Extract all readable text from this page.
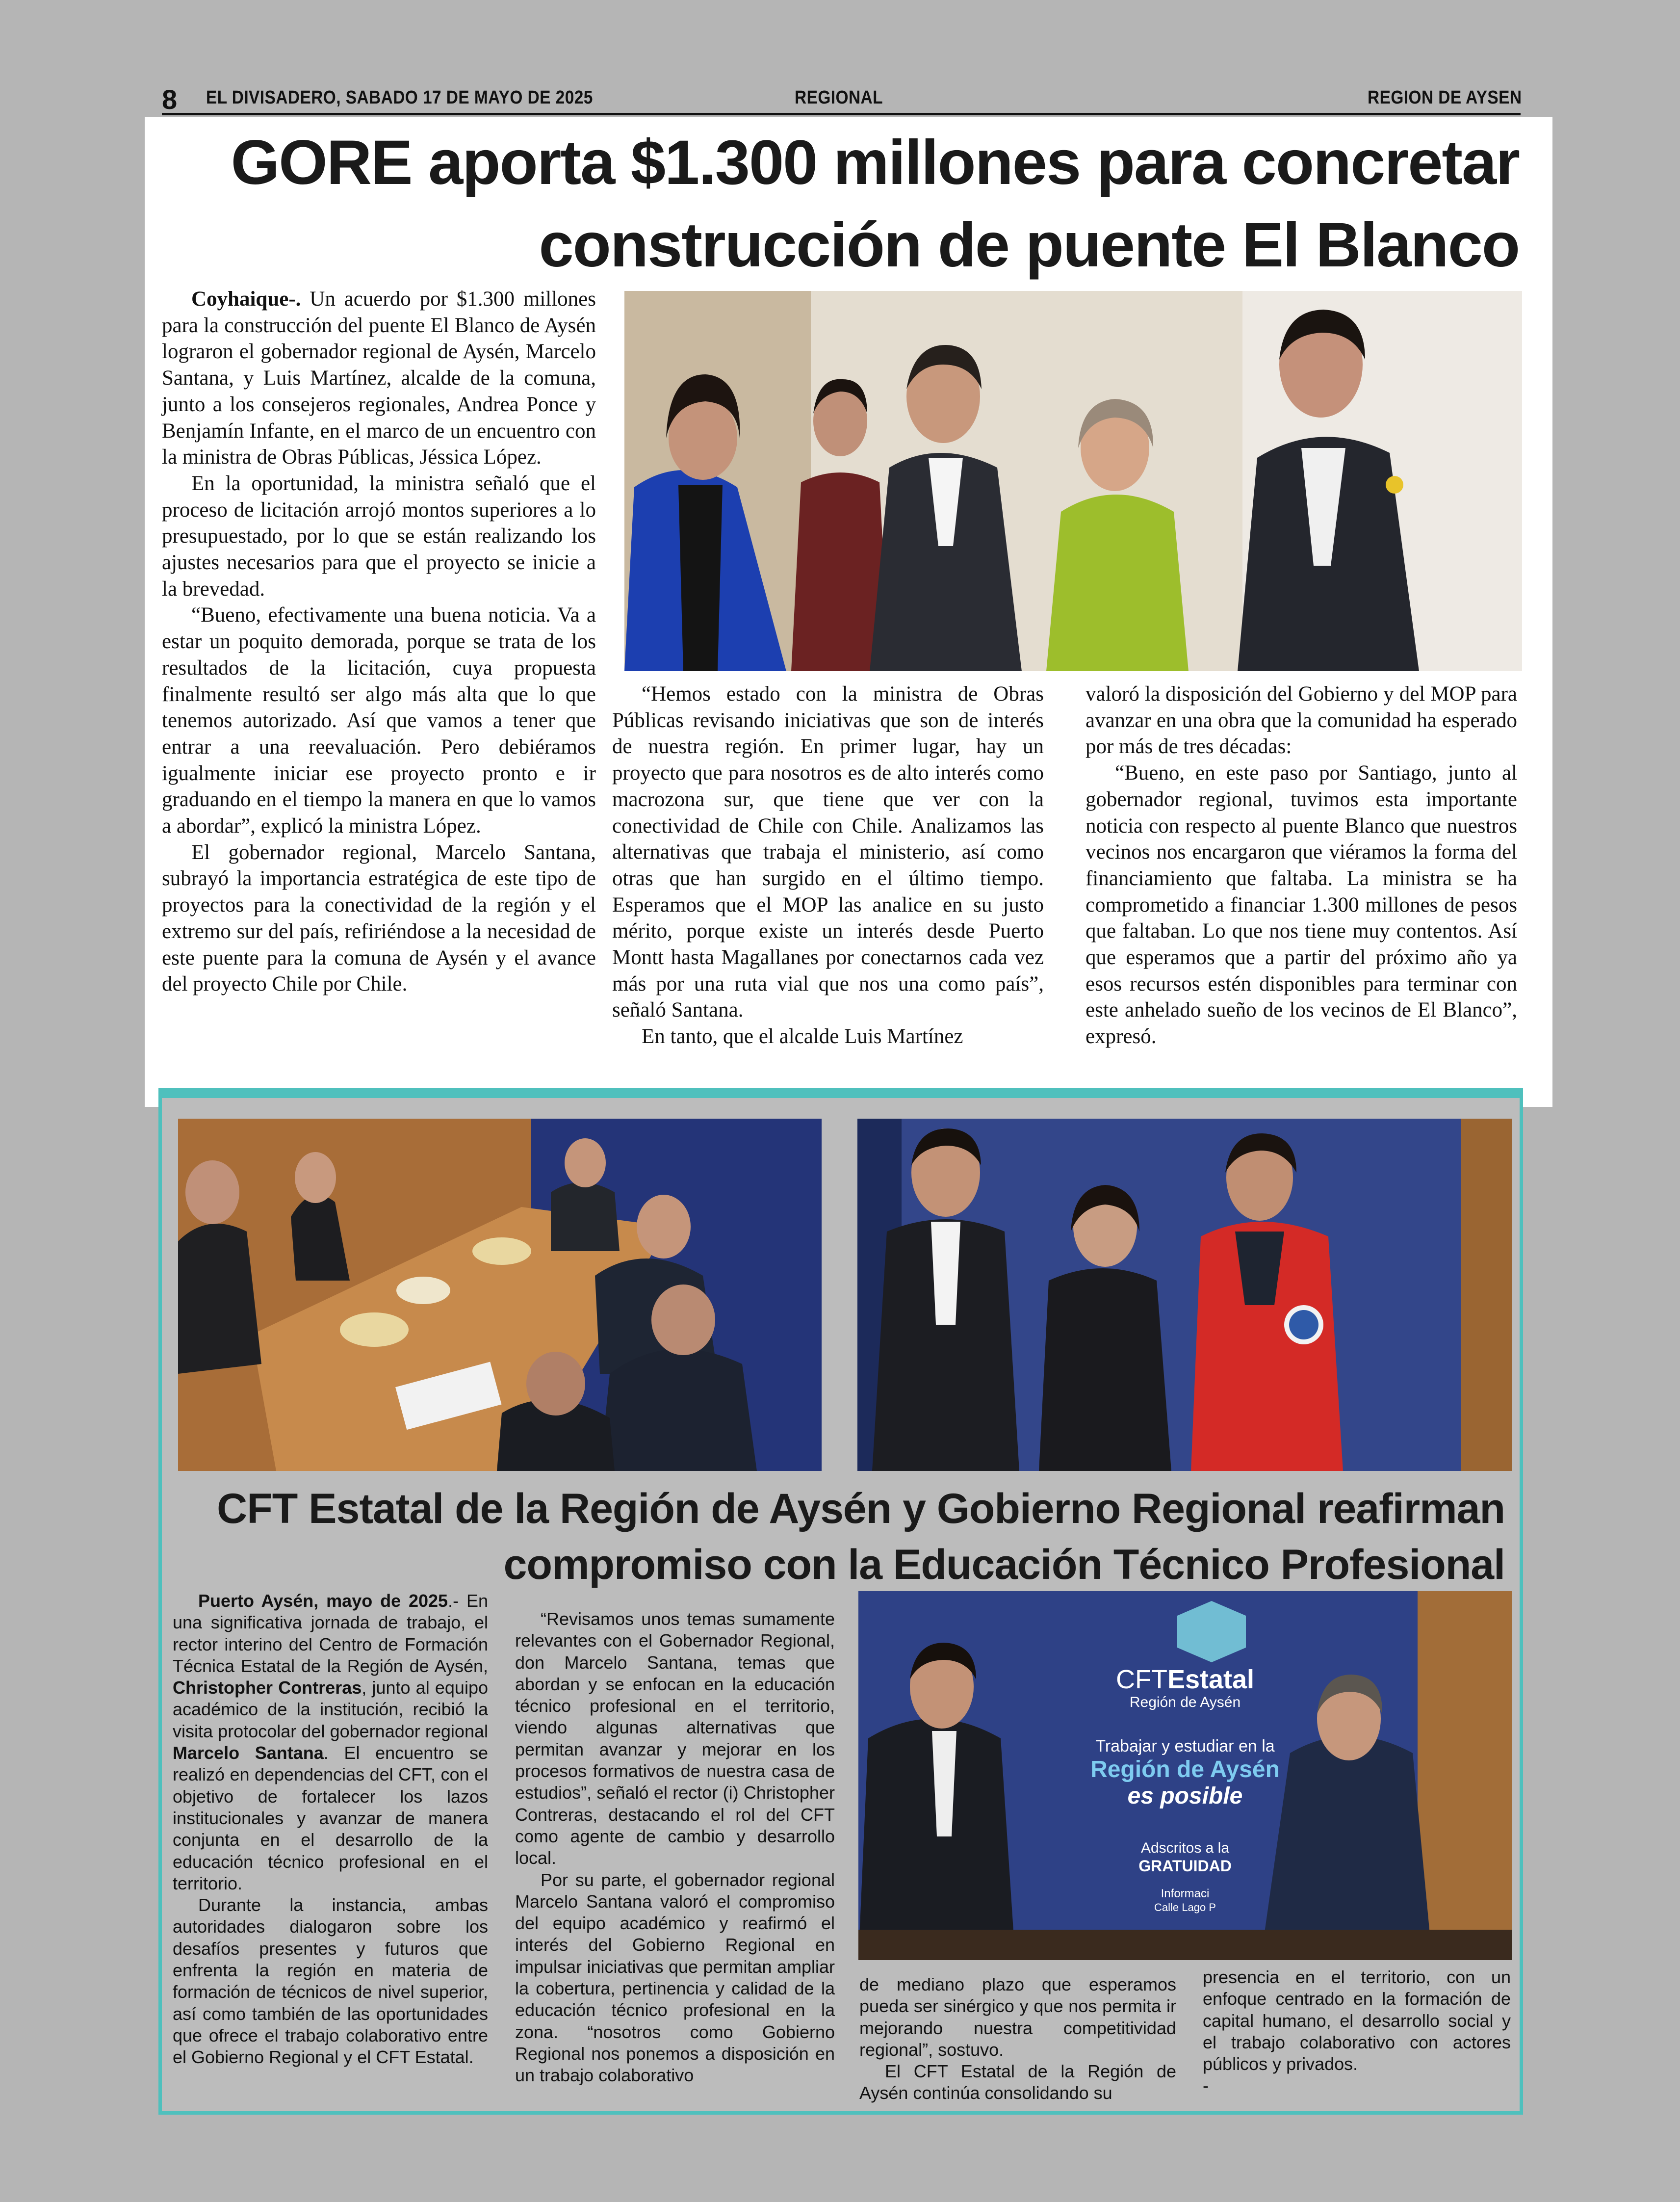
8 EL DIVISADERO, SABADO 17 DE MAYO DE 2025	REGIONAL	REGION DE AYSEN
GORE aporta $1.300 millones para concretar
construcción de puente El Blanco

Coyhaique-. Un acuerdo por $1.300 millones para la construcción del puente El Blanco de Aysén lograron el gobernador regional de Aysén, Marcelo Santana, y Luis Martínez, alcalde de la comuna, junto a los consejeros regionales, Andrea Ponce y Benjamín Infante, en el marco de un encuentro con la ministra de Obras Públicas, Jéssica López.

En la oportunidad, la ministra señaló que el proceso de licitación arrojó montos superiores a lo presupuestado, por lo que se están realizando los ajustes necesarios para que el proyecto se inicie a la brevedad.

“Bueno, efectivamente una buena noticia. Va a estar un poquito demorada, porque se trata de los resultados de la licitación, cuya propuesta finalmente resultó ser algo más alta que lo que tenemos autorizado. Así que vamos a tener que entrar a una reevaluación. Pero debiéramos igualmente iniciar ese proyecto pronto e ir graduando en el tiempo la manera en que lo vamos a abordar”, explicó la ministra López.

El gobernador regional, Marcelo Santana, subrayó la importancia estratégica de este tipo de proyectos para la conectividad de la región y el extremo sur del país, refiriéndose a la necesidad de este puente para la comuna de Aysén y el avance del proyecto Chile por Chile.

“Hemos estado con la ministra de Obras Públicas revisando iniciativas que son de interés de nuestra región. En primer lugar, hay un proyecto que para nosotros es de alto interés como macrozona sur, que tiene que ver con la conectividad de Chile con Chile. Analizamos las alternativas que trabaja el ministerio, así como otras que han surgido en el último tiempo. Esperamos que el MOP las analice en su justo mérito, porque existe un interés desde Puerto Montt hasta Magallanes por conectarnos cada vez más por una ruta vial que nos una como país”, señaló Santana.

En tanto, que el alcalde Luis Martínez

valoró la disposición del Gobierno y del MOP para avanzar en una obra que la comunidad ha esperado por más de tres décadas:

“Bueno, en este paso por Santiago, junto al gobernador regional, tuvimos esta importante noticia con respecto al puente Blanco que nuestros vecinos nos encargaron que viéramos la forma del financiamiento que faltaba. La ministra se ha comprometido a financiar 1.300 millones de pesos que faltaban. Lo que nos tiene muy contentos. Así que esperamos que a partir del próximo año ya esos recursos estén disponibles para terminar con este anhelado sueño de los vecinos de El Blanco”, expresó.

CFT Estatal de la Región de Aysén y Gobierno Regional reafirman
compromiso con la Educación Técnico Profesional

Puerto Aysén, mayo de 2025.- En una significativa jornada de trabajo, el rector interino del Centro de Formación Técnica Estatal de la Región de Aysén, Christopher Contreras, junto al equipo académico de la institución, recibió la visita protocolar del gobernador regional Marcelo Santana. El encuentro se realizó en dependencias del CFT, con el objetivo de fortalecer los lazos institucionales y avanzar de manera conjunta en el desarrollo de la educación técnico profesional en el territorio.

Durante la instancia, ambas autoridades dialogaron sobre los desafíos presentes y futuros que enfrenta la región en materia de formación de técnicos de nivel superior, así como también de las oportunidades que ofrece el trabajo colaborativo entre el Gobierno Regional y el CFT Estatal.

“Revisamos unos temas sumamente relevantes con el Gobernador Regional, don Marcelo Santana, temas que abordan y se enfocan en la educación técnico profesional en el territorio, viendo algunas alternativas que permitan avanzar y mejorar en los procesos formativos de nuestra casa de estudios”, señaló el rector (i) Christopher Contreras, destacando el rol del CFT como agente de cambio y desarrollo local.

Por su parte, el gobernador regional Marcelo Santana valoró el compromiso del equipo académico y reafirmó el interés del Gobierno Regional en impulsar iniciativas que permitan ampliar la cobertura, pertinencia y calidad de la educación técnico profesional en la zona. “nosotros como Gobierno Regional nos ponemos a disposición en un trabajo colaborativo

CFTEstatal
Región de Aysén
Trabajar y estudiar en la
Región de Aysén
es posible
Adscritos a la
GRATUIDAD
Informaci
Calle Lago P

de mediano plazo que esperamos pueda ser sinérgico y que nos permita ir mejorando nuestra competitividad regional”, sostuvo.

El CFT Estatal de la Región de Aysén continúa consolidando su

presencia en el territorio, con un enfoque centrado en la formación de capital humano, el desarrollo social y el trabajo colaborativo con actores públicos y privados.

-
